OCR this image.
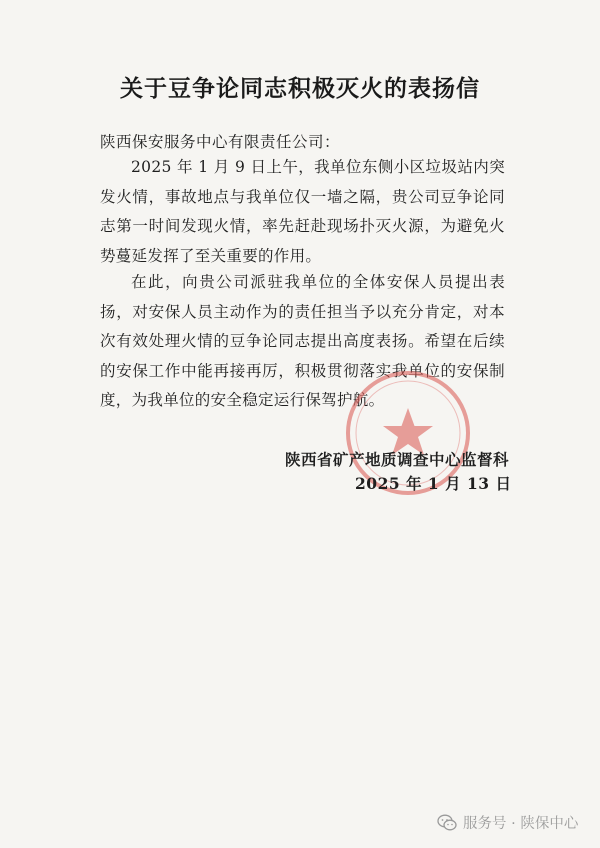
关于豆争论同志积极灭火的表扬信
陕西保安服务中心有限责任公司：
2025 年 1 月 9 日上午，我单位东侧小区垃圾站内突发火情，事故地点与我单位仅一墙之隔，贵公司豆争论同志第一时间发现火情，率先赶赴现场扑灭火源，为避免火势蔓延发挥了至关重要的作用。
在此，向贵公司派驻我单位的全体安保人员提出表扬，对安保人员主动作为的责任担当予以充分肯定，对本次有效处理火情的豆争论同志提出高度表扬。希望在后续的安保工作中能再接再厉，积极贯彻落实我单位的安保制度，为我单位的安全稳定运行保驾护航。
陕西省矿产地质调查中心监督科
2025 年 1 月 13 日
服务号 · 陕保中心
